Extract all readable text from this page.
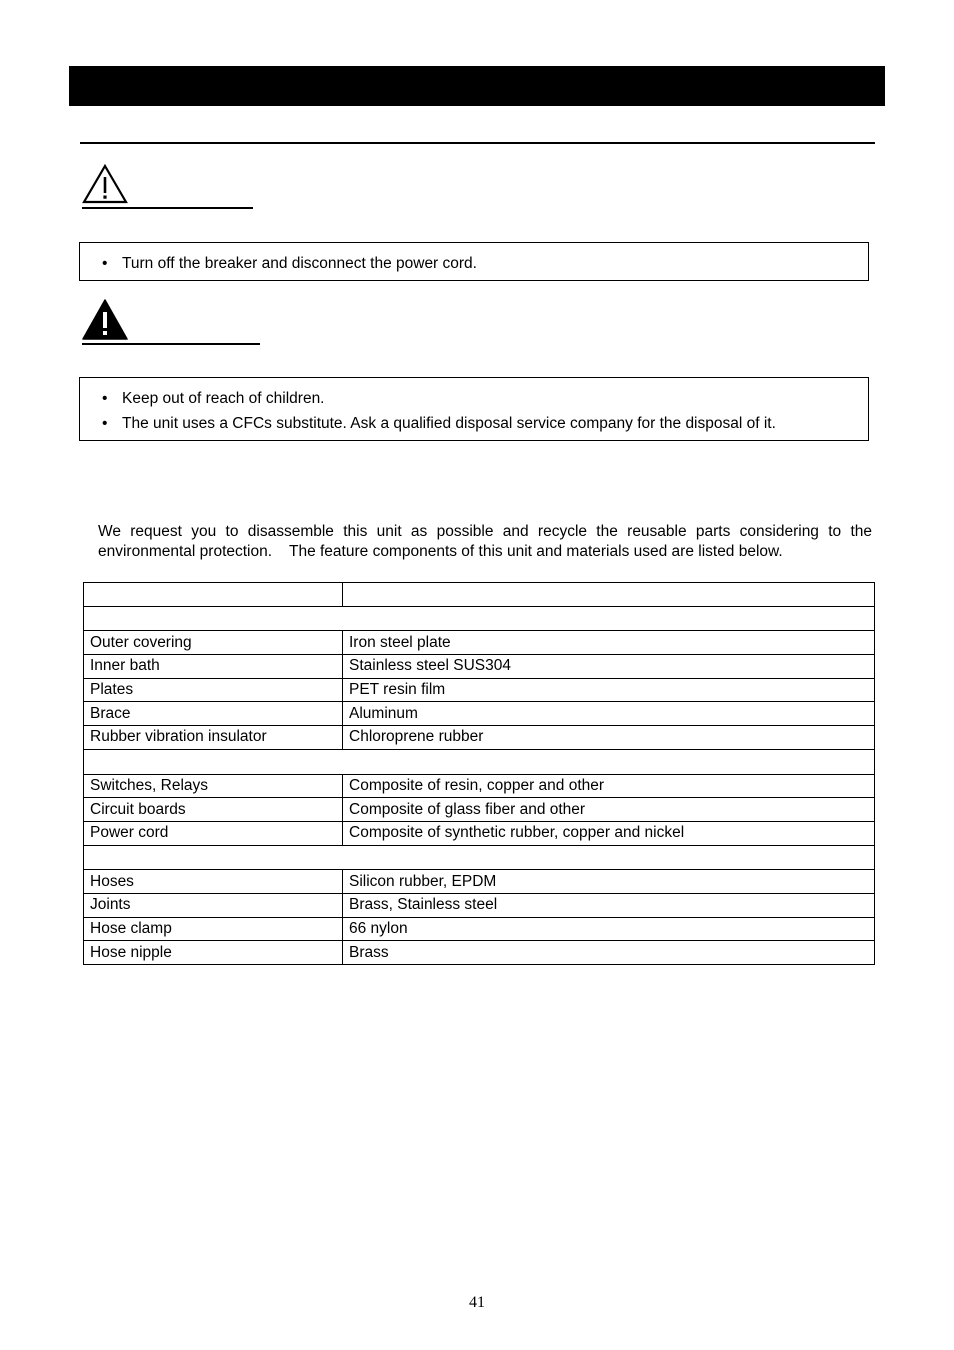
• Turn off the breaker and disconnect the power cord.
• Keep out of reach of children.
• The unit uses a CFCs substitute. Ask a qualified disposal service company for the disposal of it.
We request you to disassemble this unit as possible and recycle the reusable parts considering to the environmental protection.    The feature components of this unit and materials used are listed below.

Outer covering	Iron steel plate
Inner bath	Stainless steel SUS304
Plates	PET resin film
Brace	Aluminum
Rubber vibration insulator	Chloroprene rubber

Switches, Relays	Composite of resin, copper and other
Circuit boards	Composite of glass fiber and other
Power cord	Composite of synthetic rubber, copper and nickel

Hoses	Silicon rubber, EPDM
Joints	Brass, Stainless steel
Hose clamp	66 nylon
Hose nipple	Brass
41
